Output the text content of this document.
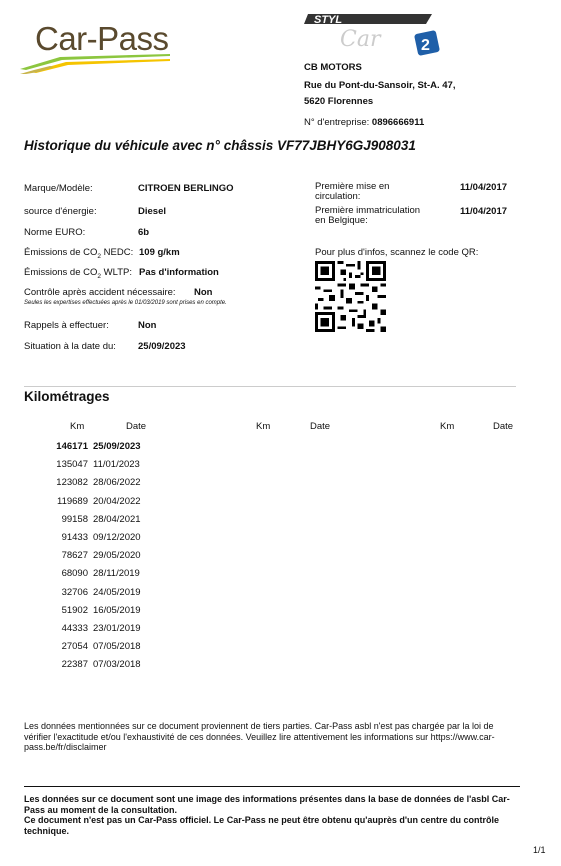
Car-Pass	STYL
Car	2
CB MOTORS
Rue du Pont-du-Sansoir, St-A. 47,
5620 Florennes
N° d'entreprise: 0896666911
Historique du véhicule avec n° châssis VF77JBHY6GJ908031
Marque/Modèle:	CITROEN BERLINGO
source d'énergie:	Diesel
Norme EURO:	6b
Émissions de $CO_2$ NEDC: 109 g/km
Émissions de $CO_2$ WLTP: Pas d'information
Contrôle après accident nécessaire: Non
Seules les expertises effectuées après le 01/03/2019 sont prises en compte.
Rappels à effectuer:	Non
Situation à la date du: 25/09/2023
Première mise en
circulation:
11/04/2017
Première immatriculation
en Belgique:
11/04/2017
Pour plus d'infos, scannez le code QR:
Kilométrages
Km	Date	Km	Date	Km	Date
146171 25/09/2023
135047 11/01/2023
123082 28/06/2022
119689 20/04/2022
99158 28/04/2021
91433 09/12/2020
78627 29/05/2020
68090 28/11/2019
32706 24/05/2019
51902 16/05/2019
44333 23/01/2019
27054 07/05/2018
22387 07/03/2018
Les données mentionnées sur ce document proviennent de tiers parties. Car-Pass asbl n'est pas chargée par la loi de vérifier l'exactitude et/ou l'exhaustivité de ces données. Veuillez lire attentivement les informations sur https://www.car-pass.be/fr/disclaimer
Les données sur ce document sont une image des informations présentes dans la base de données de l'asbl Car-Pass au moment de la consultation.
Ce document n'est pas un Car-Pass officiel. Le Car-Pass ne peut être obtenu qu'auprès d'un centre du contrôle technique.
1/1
